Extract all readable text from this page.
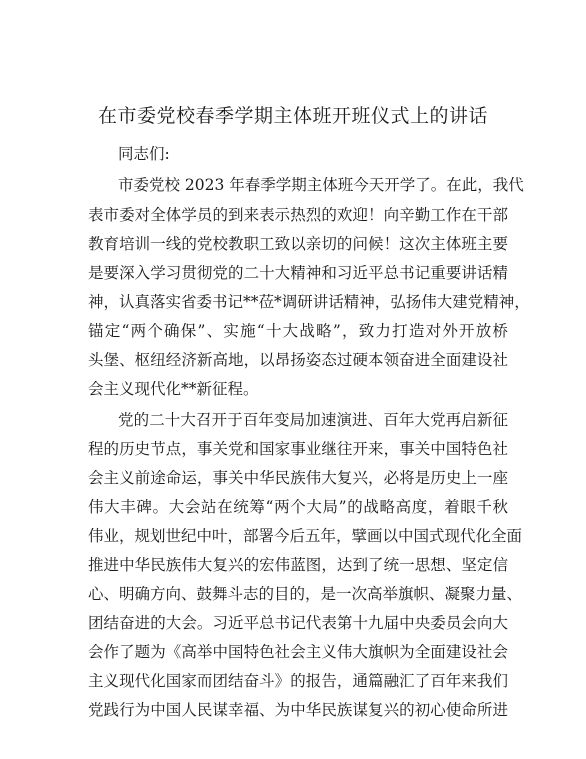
在市委党校春季学期主体班开班仪式上的讲话
同志们:
市委党校 2023 年春季学期主体班今天开学了。在此，我代
表市委对全体学员的到来表示热烈的欢迎！向辛勤工作在干部
教育培训一线的党校教职工致以亲切的问候！这次主体班主要
是要深入学习贯彻党的二十大精神和习近平总书记重要讲话精
神，认真落实省委书记**莅*调研讲话精神，弘扬伟大建党精神，
锚定“两个确保”、实施“十大战略”，致力打造对外开放桥
头堡、枢纽经济新高地，以昂扬姿态过硬本领奋进全面建设社
会主义现代化**新征程。
党的二十大召开于百年变局加速演进、百年大党再启新征
程的历史节点，事关党和国家事业继往开来，事关中国特色社
会主义前途命运，事关中华民族伟大复兴，必将是历史上一座
伟大丰碑。大会站在统筹“两个大局”的战略高度，着眼千秋
伟业，规划世纪中叶，部署今后五年，擘画以中国式现代化全面
推进中华民族伟大复兴的宏伟蓝图，达到了统一思想、坚定信
心、明确方向、鼓舞斗志的目的，是一次高举旗帜、凝聚力量、
团结奋进的大会。习近平总书记代表第十九届中央委员会向大
会作了题为《高举中国特色社会主义伟大旗帜为全面建设社会
主义现代化国家而团结奋斗》的报告，通篇融汇了百年来我们
党践行为中国人民谋幸福、为中华民族谋复兴的初心使命所进
